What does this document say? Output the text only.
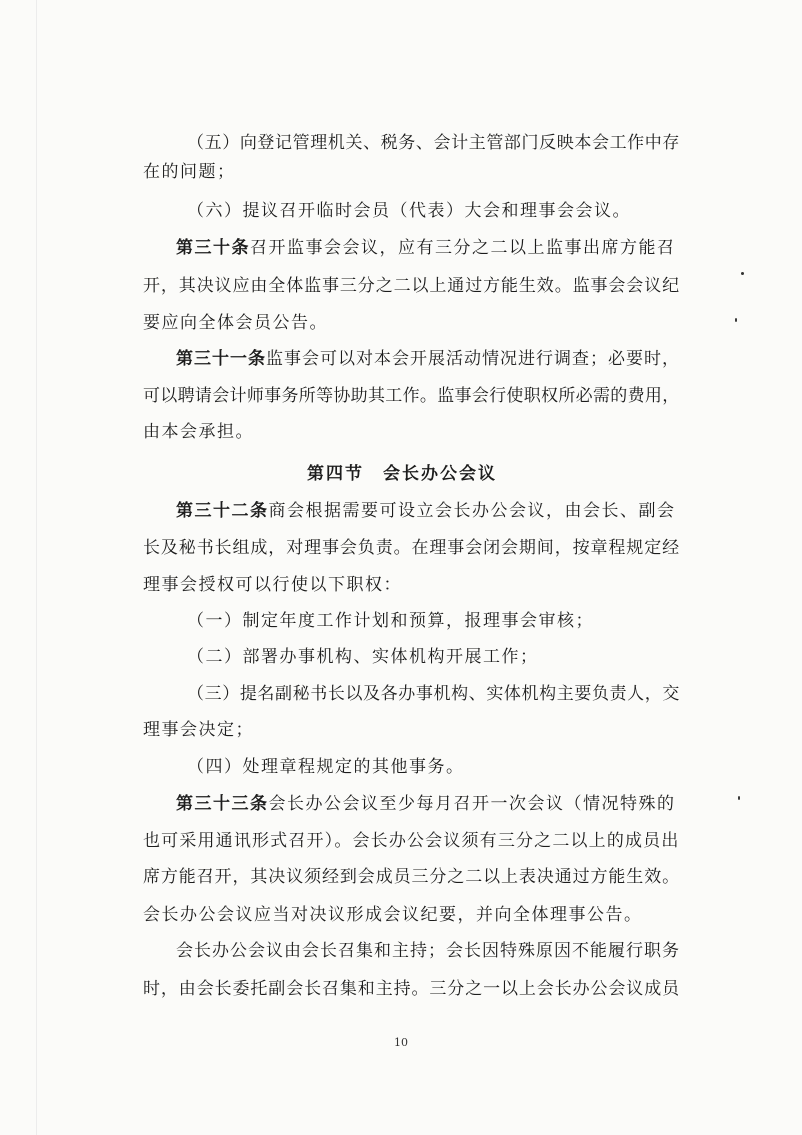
（五）向登记管理机关、税务、会计主管部门反映本会工作中存
在的问题；
（六）提议召开临时会员（代表）大会和理事会会议。
第三十条召开监事会会议，应有三分之二以上监事出席方能召
开，其决议应由全体监事三分之二以上通过方能生效。监事会会议纪
要应向全体会员公告。
第三十一条监事会可以对本会开展活动情况进行调查；必要时，
可以聘请会计师事务所等协助其工作。监事会行使职权所必需的费用，
由本会承担。
第四节　会长办公会议
第三十二条商会根据需要可设立会长办公会议，由会长、副会
长及秘书长组成，对理事会负责。在理事会闭会期间，按章程规定经
理事会授权可以行使以下职权：
（一）制定年度工作计划和预算，报理事会审核；
（二）部署办事机构、实体机构开展工作；
（三）提名副秘书长以及各办事机构、实体机构主要负责人，交
理事会决定；
（四）处理章程规定的其他事务。
第三十三条会长办公会议至少每月召开一次会议（情况特殊的
也可采用通讯形式召开）。会长办公会议须有三分之二以上的成员出
席方能召开，其决议须经到会成员三分之二以上表决通过方能生效。
会长办公会议应当对决议形成会议纪要，并向全体理事公告。
会长办公会议由会长召集和主持；会长因特殊原因不能履行职务
时，由会长委托副会长召集和主持。三分之一以上会长办公会议成员
10
